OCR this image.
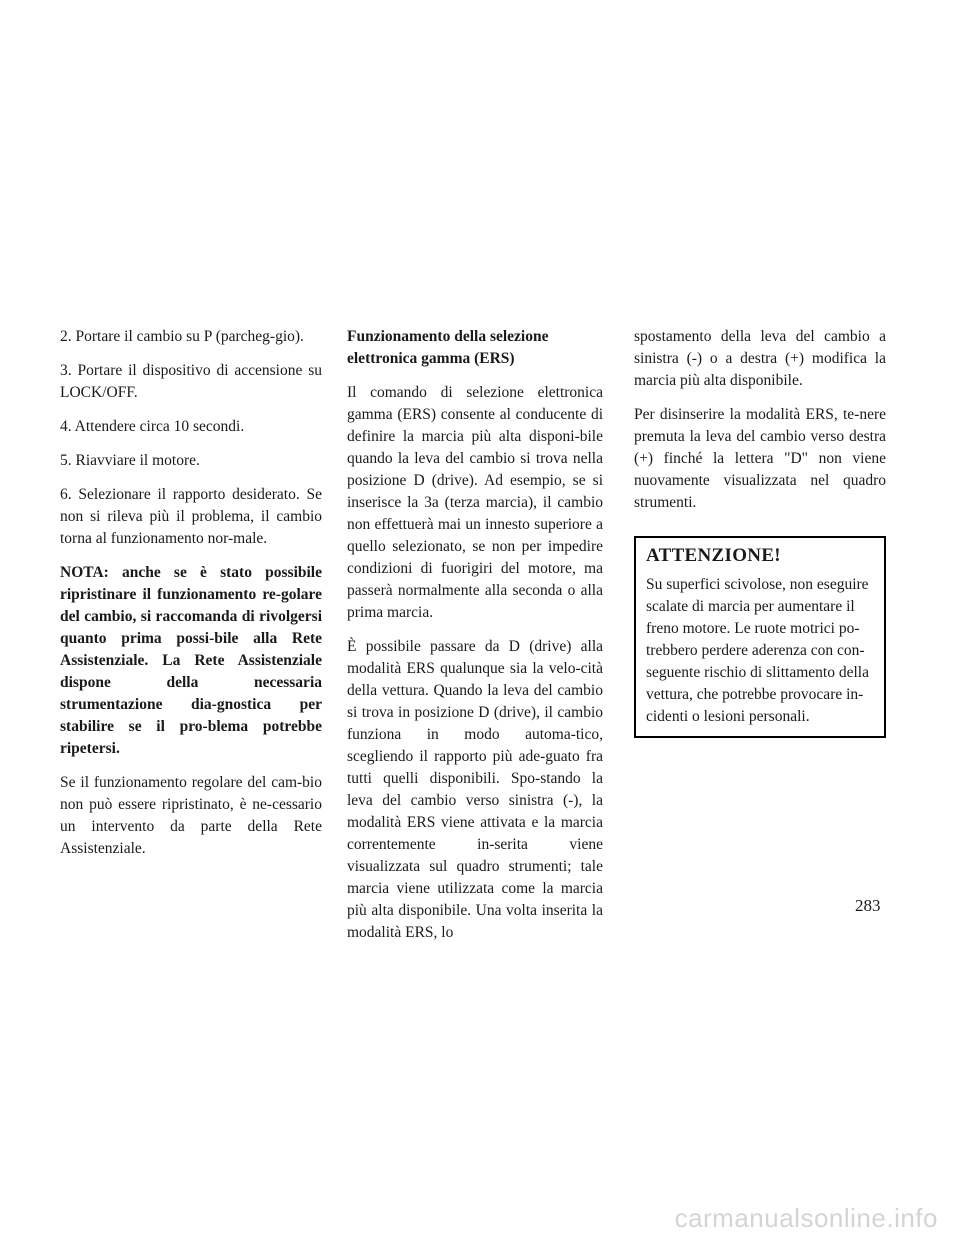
2. Portare il cambio su P (parcheg-gio).

3. Portare il dispositivo di accensione su LOCK/OFF.

4. Attendere circa 10 secondi.

5. Riavviare il motore.

6. Selezionare il rapporto desiderato. Se non si rileva più il problema, il cambio torna al funzionamento nor-male.

NOTA: anche se è stato possibile ripristinare il funzionamento re-golare del cambio, si raccomanda di rivolgersi quanto prima possi-bile alla Rete Assistenziale. La Rete Assistenziale dispone della necessaria strumentazione dia-gnostica per stabilire se il pro-blema potrebbe ripetersi.

Se il funzionamento regolare del cam-bio non può essere ripristinato, è ne-cessario un intervento da parte della Rete Assistenziale.

Funzionamento della selezione elettronica gamma (ERS)

Il comando di selezione elettronica gamma (ERS) consente al conducente di definire la marcia più alta disponi-bile quando la leva del cambio si trova nella posizione D (drive). Ad esempio, se si inserisce la 3a (terza marcia), il cambio non effettuerà mai un innesto superiore a quello selezionato, se non per impedire condizioni di fuorigiri del motore, ma passerà normalmente alla seconda o alla prima marcia.

È possibile passare da D (drive) alla modalità ERS qualunque sia la velo-cità della vettura. Quando la leva del cambio si trova in posizione D (drive), il cambio funziona in modo automa-tico, scegliendo il rapporto più ade-guato fra tutti quelli disponibili. Spo-stando la leva del cambio verso sinistra (-), la modalità ERS viene attivata e la marcia correntemente in-serita viene visualizzata sul quadro strumenti; tale marcia viene utilizzata come la marcia più alta disponibile. Una volta inserita la modalità ERS, lo

spostamento della leva del cambio a sinistra (-) o a destra (+) modifica la marcia più alta disponibile.

Per disinserire la modalità ERS, te-nere premuta la leva del cambio verso destra (+) finché la lettera "D" non viene nuovamente visualizzata nel quadro strumenti.

ATTENZIONE!

Su superfici scivolose, non eseguire scalate di marcia per aumentare il freno motore. Le ruote motrici po-trebbero perdere aderenza con con-seguente rischio di slittamento della vettura, che potrebbe provocare in-cidenti o lesioni personali.

283
carmanualsonline.info
